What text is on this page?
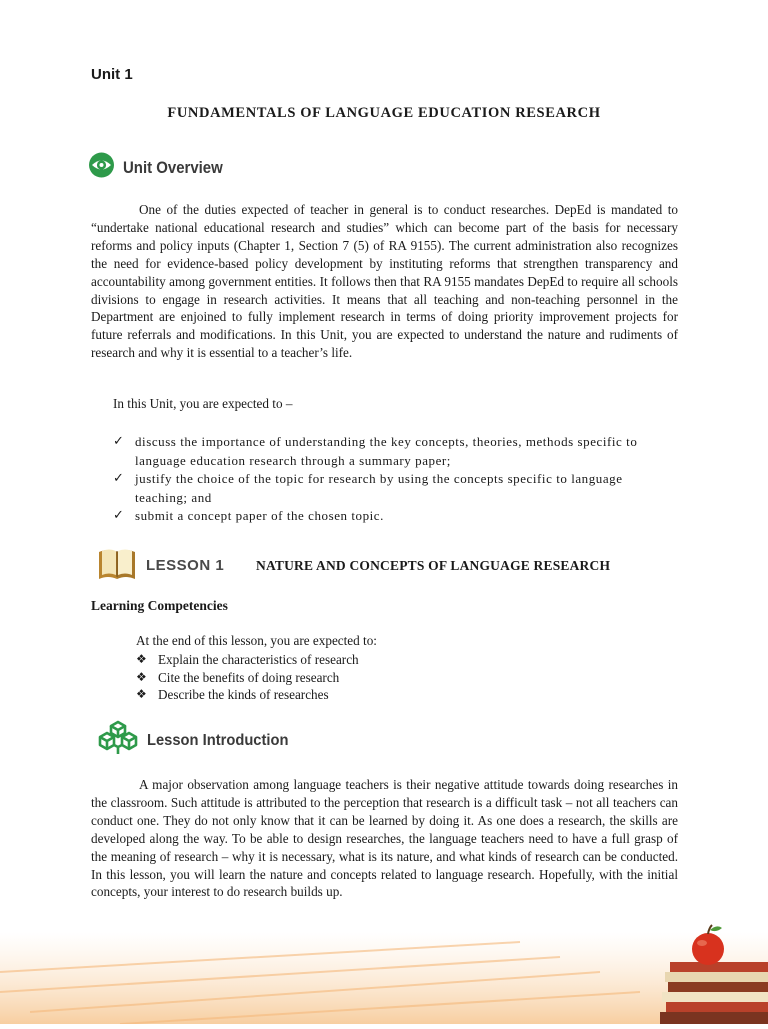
Unit 1
FUNDAMENTALS OF LANGUAGE EDUCATION RESEARCH
Unit Overview
One of the duties expected of teacher in general is to conduct researches. DepEd is mandated to “undertake national educational research and studies” which can become part of the basis for necessary reforms and policy inputs (Chapter 1, Section 7 (5) of RA 9155). The current administration also recognizes the need for evidence-based policy development by instituting reforms that strengthen transparency and accountability among government entities. It follows then that RA 9155 mandates DepEd to require all schools divisions to engage in research activities. It means that all teaching and non-teaching personnel in the Department are enjoined to fully implement research in terms of doing priority improvement projects for future referrals and modifications. In this Unit, you are expected to understand the nature and rudiments of research and why it is essential to a teacher’s life.
In this Unit, you are expected to –
✓ discuss the importance of understanding the key concepts, theories, methods specific to language education research through a summary paper;
✓ justify the choice of the topic for research by using the concepts specific to language teaching; and
✓ submit a concept paper of the chosen topic.
LESSON 1 NATURE AND CONCEPTS OF LANGUAGE RESEARCH
Learning Competencies
At the end of this lesson, you are expected to:
❖ Explain the characteristics of research
❖ Cite the benefits of doing research
❖ Describe the kinds of researches
Lesson Introduction
A major observation among language teachers is their negative attitude towards doing researches in the classroom. Such attitude is attributed to the perception that research is a difficult task – not all teachers can conduct one. They do not only know that it can be learned by doing it. As one does a research, the skills are developed along the way. To be able to design researches, the language teachers need to have a full grasp of the meaning of research – why it is necessary, what is its nature, and what kinds of research can be conducted. In this lesson, you will learn the nature and concepts related to language research. Hopefully, with the initial concepts, your interest to do research builds up.
